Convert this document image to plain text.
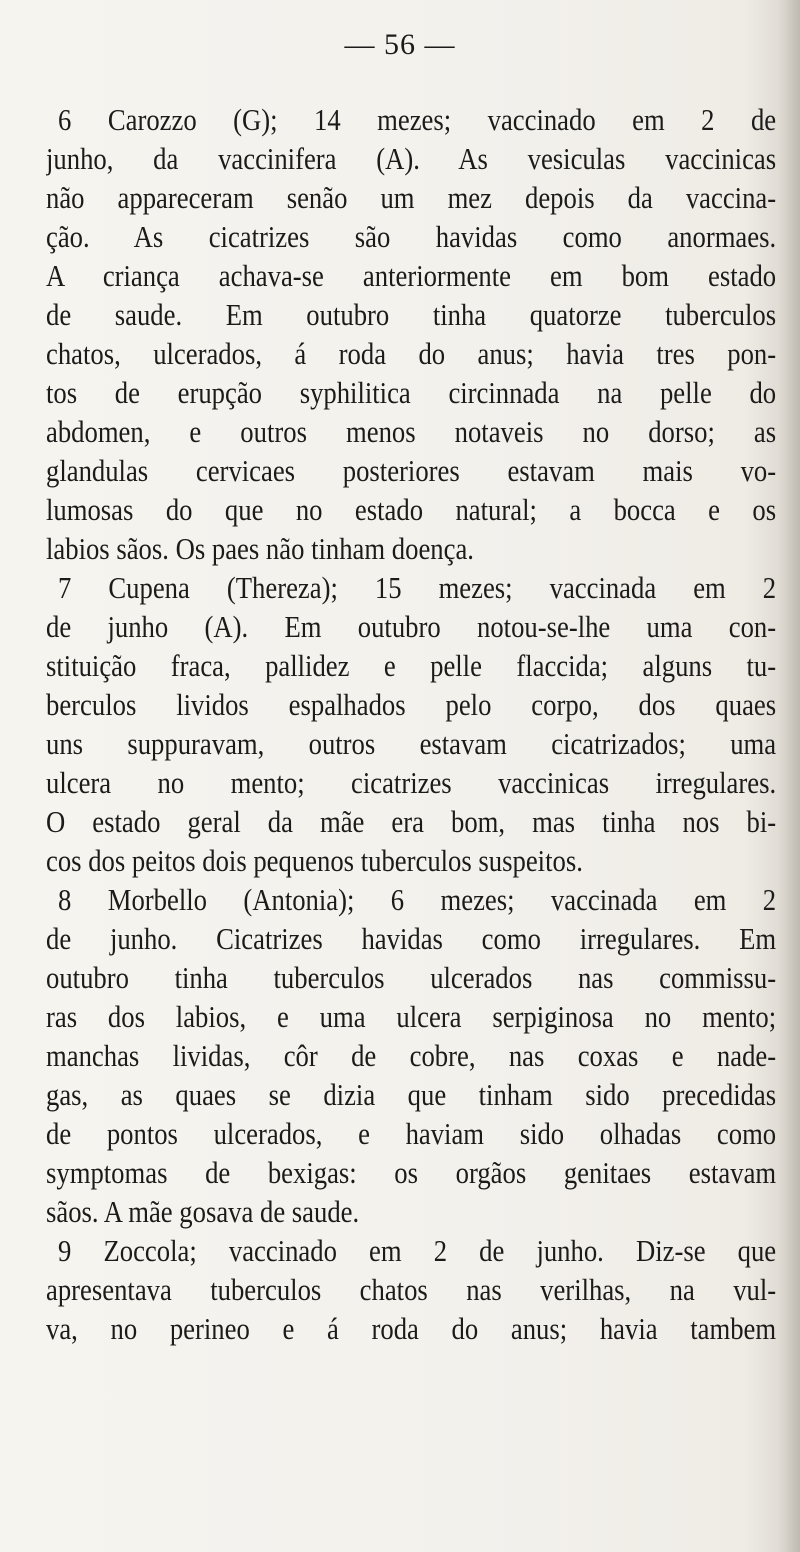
— 56 —
6 Carozzo (G); 14 mezes; vaccinado em 2 de
junho, da vaccinifera (A). As vesiculas vaccinicas
não appareceram senão um mez depois da vaccina-
ção. As cicatrizes são havidas como anormaes.
A criança achava-se anteriormente em bom estado
de saude. Em outubro tinha quatorze tuberculos
chatos, ulcerados, á roda do anus; havia tres pon-
tos de erupção syphilitica circinnada na pelle do
abdomen, e outros menos notaveis no dorso; as
glandulas cervicaes posteriores estavam mais vo-
lumosas do que no estado natural; a bocca e os
labios sãos. Os paes não tinham doença.
7 Cupena (Thereza); 15 mezes; vaccinada em 2
de junho (A). Em outubro notou-se-lhe uma con-
stituição fraca, pallidez e pelle flaccida; alguns tu-
berculos lividos espalhados pelo corpo, dos quaes
uns suppuravam, outros estavam cicatrizados; uma
ulcera no mento; cicatrizes vaccinicas irregulares.
O estado geral da mãe era bom, mas tinha nos bi-
cos dos peitos dois pequenos tuberculos suspeitos.
8 Morbello (Antonia); 6 mezes; vaccinada em 2
de junho. Cicatrizes havidas como irregulares. Em
outubro tinha tuberculos ulcerados nas commissu-
ras dos labios, e uma ulcera serpiginosa no mento;
manchas lividas, côr de cobre, nas coxas e nade-
gas, as quaes se dizia que tinham sido precedidas
de pontos ulcerados, e haviam sido olhadas como
symptomas de bexigas: os orgãos genitaes estavam
sãos. A mãe gosava de saude.
9 Zoccola; vaccinado em 2 de junho. Diz-se que
apresentava tuberculos chatos nas verilhas, na vul-
va, no perineo e á roda do anus; havia tambem
